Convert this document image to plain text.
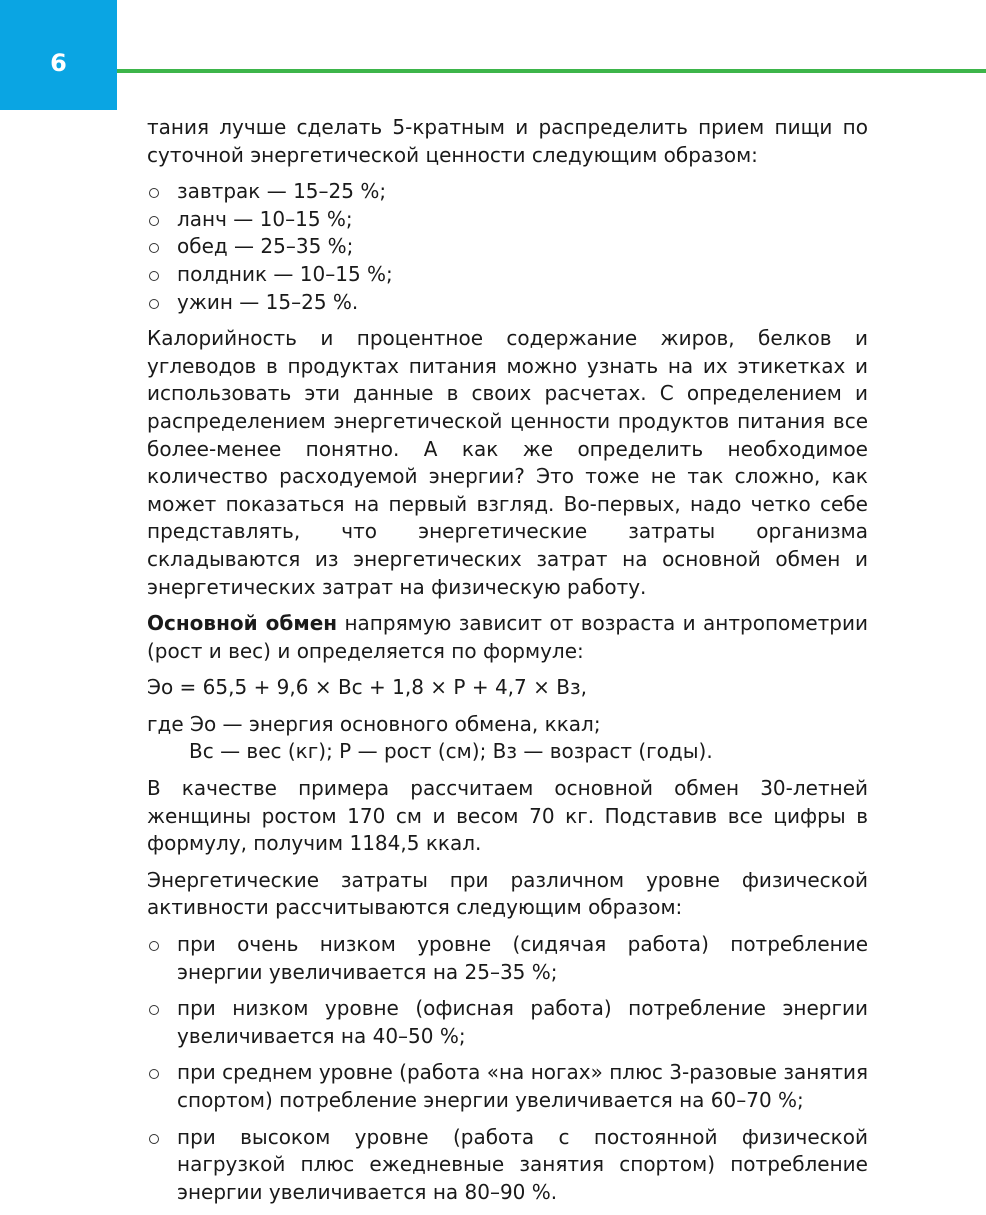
6

тания лучше сделать 5-кратным и распределить прием пищи по суточной энергетической ценности следующим образом:

завтрак — 15–25 %;
ланч — 10–15 %;
обед — 25–35 %;
полдник — 10–15 %;
ужин — 15–25 %.

Калорийность и процентное содержание жиров, белков и углеводов в продуктах питания можно узнать на их этикетках и использовать эти данные в своих расчетах. С определением и распределением энергетической ценности продуктов питания все более-менее понятно. А как же определить необходимое количество расходуемой энергии? Это тоже не так сложно, как может показаться на первый взгляд. Во-первых, надо четко себе представлять, что энергетические затраты организма складываются из энергетических затрат на основной обмен и энергетических затрат на физическую работу.

Основной обмен напрямую зависит от возраста и антропометрии (рост и вес) и определяется по формуле:

Эо = 65,5 + 9,6 × Вс + 1,8 × Р + 4,7 × Вз,

где Эо — энергия основного обмена, ккал;
Вс — вес (кг); Р — рост (см); Вз — возраст (годы).

В качестве примера рассчитаем основной обмен 30-летней женщины ростом 170 см и весом 70 кг. Подставив все цифры в формулу, получим 1184,5 ккал.

Энергетические затраты при различном уровне физической активности рассчитываются следующим образом:

при очень низком уровне (сидячая работа) потребление энергии увеличивается на 25–35 %;
при низком уровне (офисная работа) потребление энергии увеличивается на 40–50 %;
при среднем уровне (работа «на ногах» плюс 3-разовые занятия спортом) потребление энергии увеличивается на 60–70 %;
при высоком уровне (работа с постоянной физической нагрузкой плюс ежедневные занятия спортом) потребление энергии увеличивается на 80–90 %.
